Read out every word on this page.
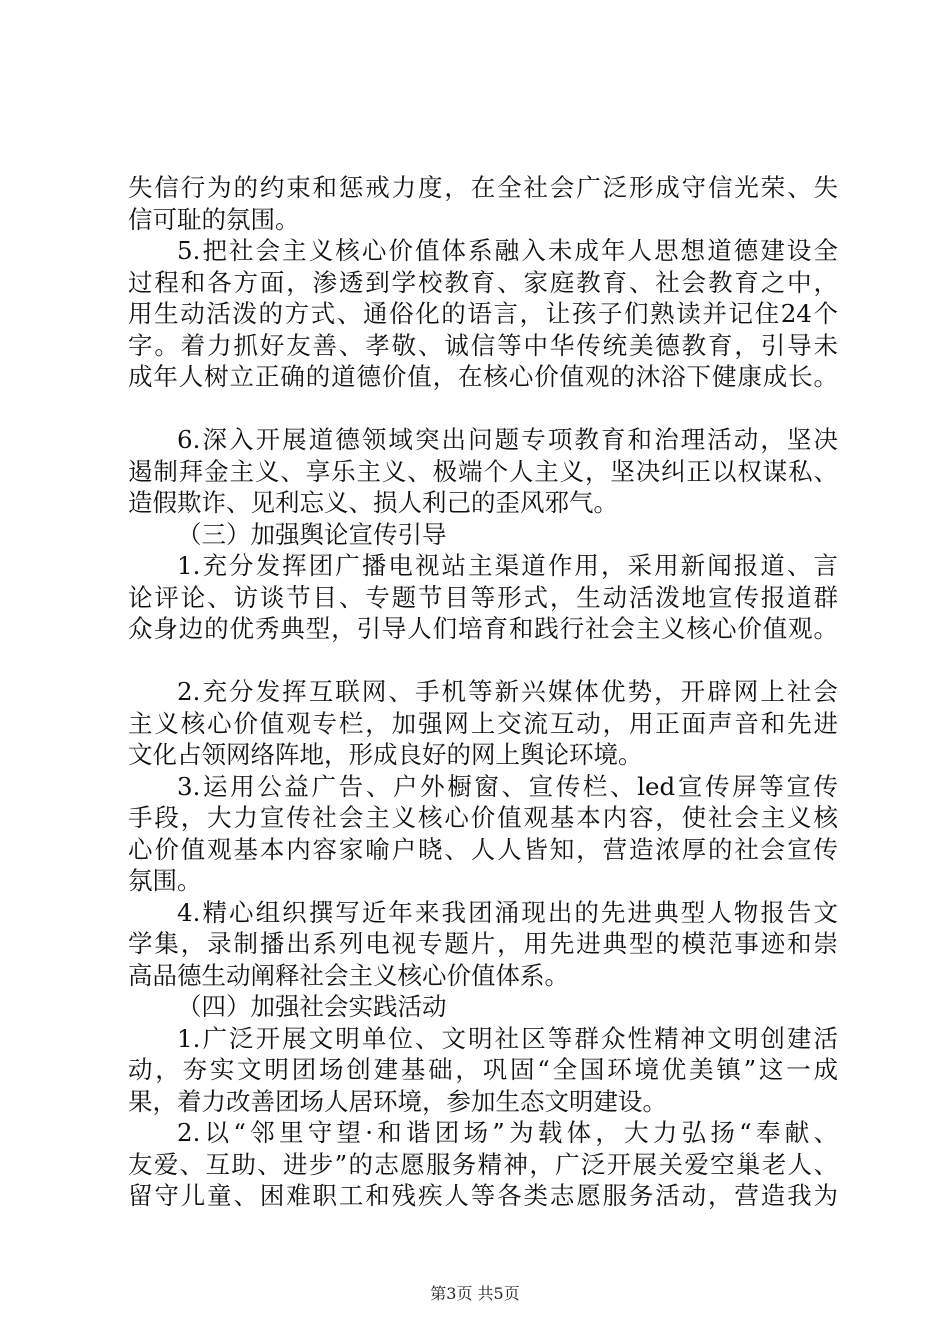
失信行为的约束和惩戒力度，在全社会广泛形成守信光荣、失
信可耻的氛围。
5.把社会主义核心价值体系融入未成年人思想道德建设全
过程和各方面，渗透到学校教育、家庭教育、社会教育之中，
用生动活泼的方式、通俗化的语言，让孩子们熟读并记住24个
字。着力抓好友善、孝敬、诚信等中华传统美德教育，引导未
成年人树立正确的道德价值，在核心价值观的沐浴下健康成长。
6.深入开展道德领域突出问题专项教育和治理活动，坚决
遏制拜金主义、享乐主义、极端个人主义，坚决纠正以权谋私、
造假欺诈、见利忘义、损人利己的歪风邪气。
（三）加强舆论宣传引导
1.充分发挥团广播电视站主渠道作用，采用新闻报道、言
论评论、访谈节目、专题节目等形式，生动活泼地宣传报道群
众身边的优秀典型，引导人们培育和践行社会主义核心价值观。
2.充分发挥互联网、手机等新兴媒体优势，开辟网上社会
主义核心价值观专栏，加强网上交流互动，用正面声音和先进
文化占领网络阵地，形成良好的网上舆论环境。
3.运用公益广告、户外橱窗、宣传栏、led宣传屏等宣传
手段，大力宣传社会主义核心价值观基本内容，使社会主义核
心价值观基本内容家喻户晓、人人皆知，营造浓厚的社会宣传
氛围。
4.精心组织撰写近年来我团涌现出的先进典型人物报告文
学集，录制播出系列电视专题片，用先进典型的模范事迹和崇
高品德生动阐释社会主义核心价值体系。
（四）加强社会实践活动
1.广泛开展文明单位、文明社区等群众性精神文明创建活
动，夯实文明团场创建基础，巩固“全国环境优美镇”这一成
果，着力改善团场人居环境，参加生态文明建设。
2.以“邻里守望·和谐团场”为载体，大力弘扬“奉献、
友爱、互助、进步”的志愿服务精神，广泛开展关爱空巢老人、
留守儿童、困难职工和残疾人等各类志愿服务活动，营造我为
第3页 共5页
